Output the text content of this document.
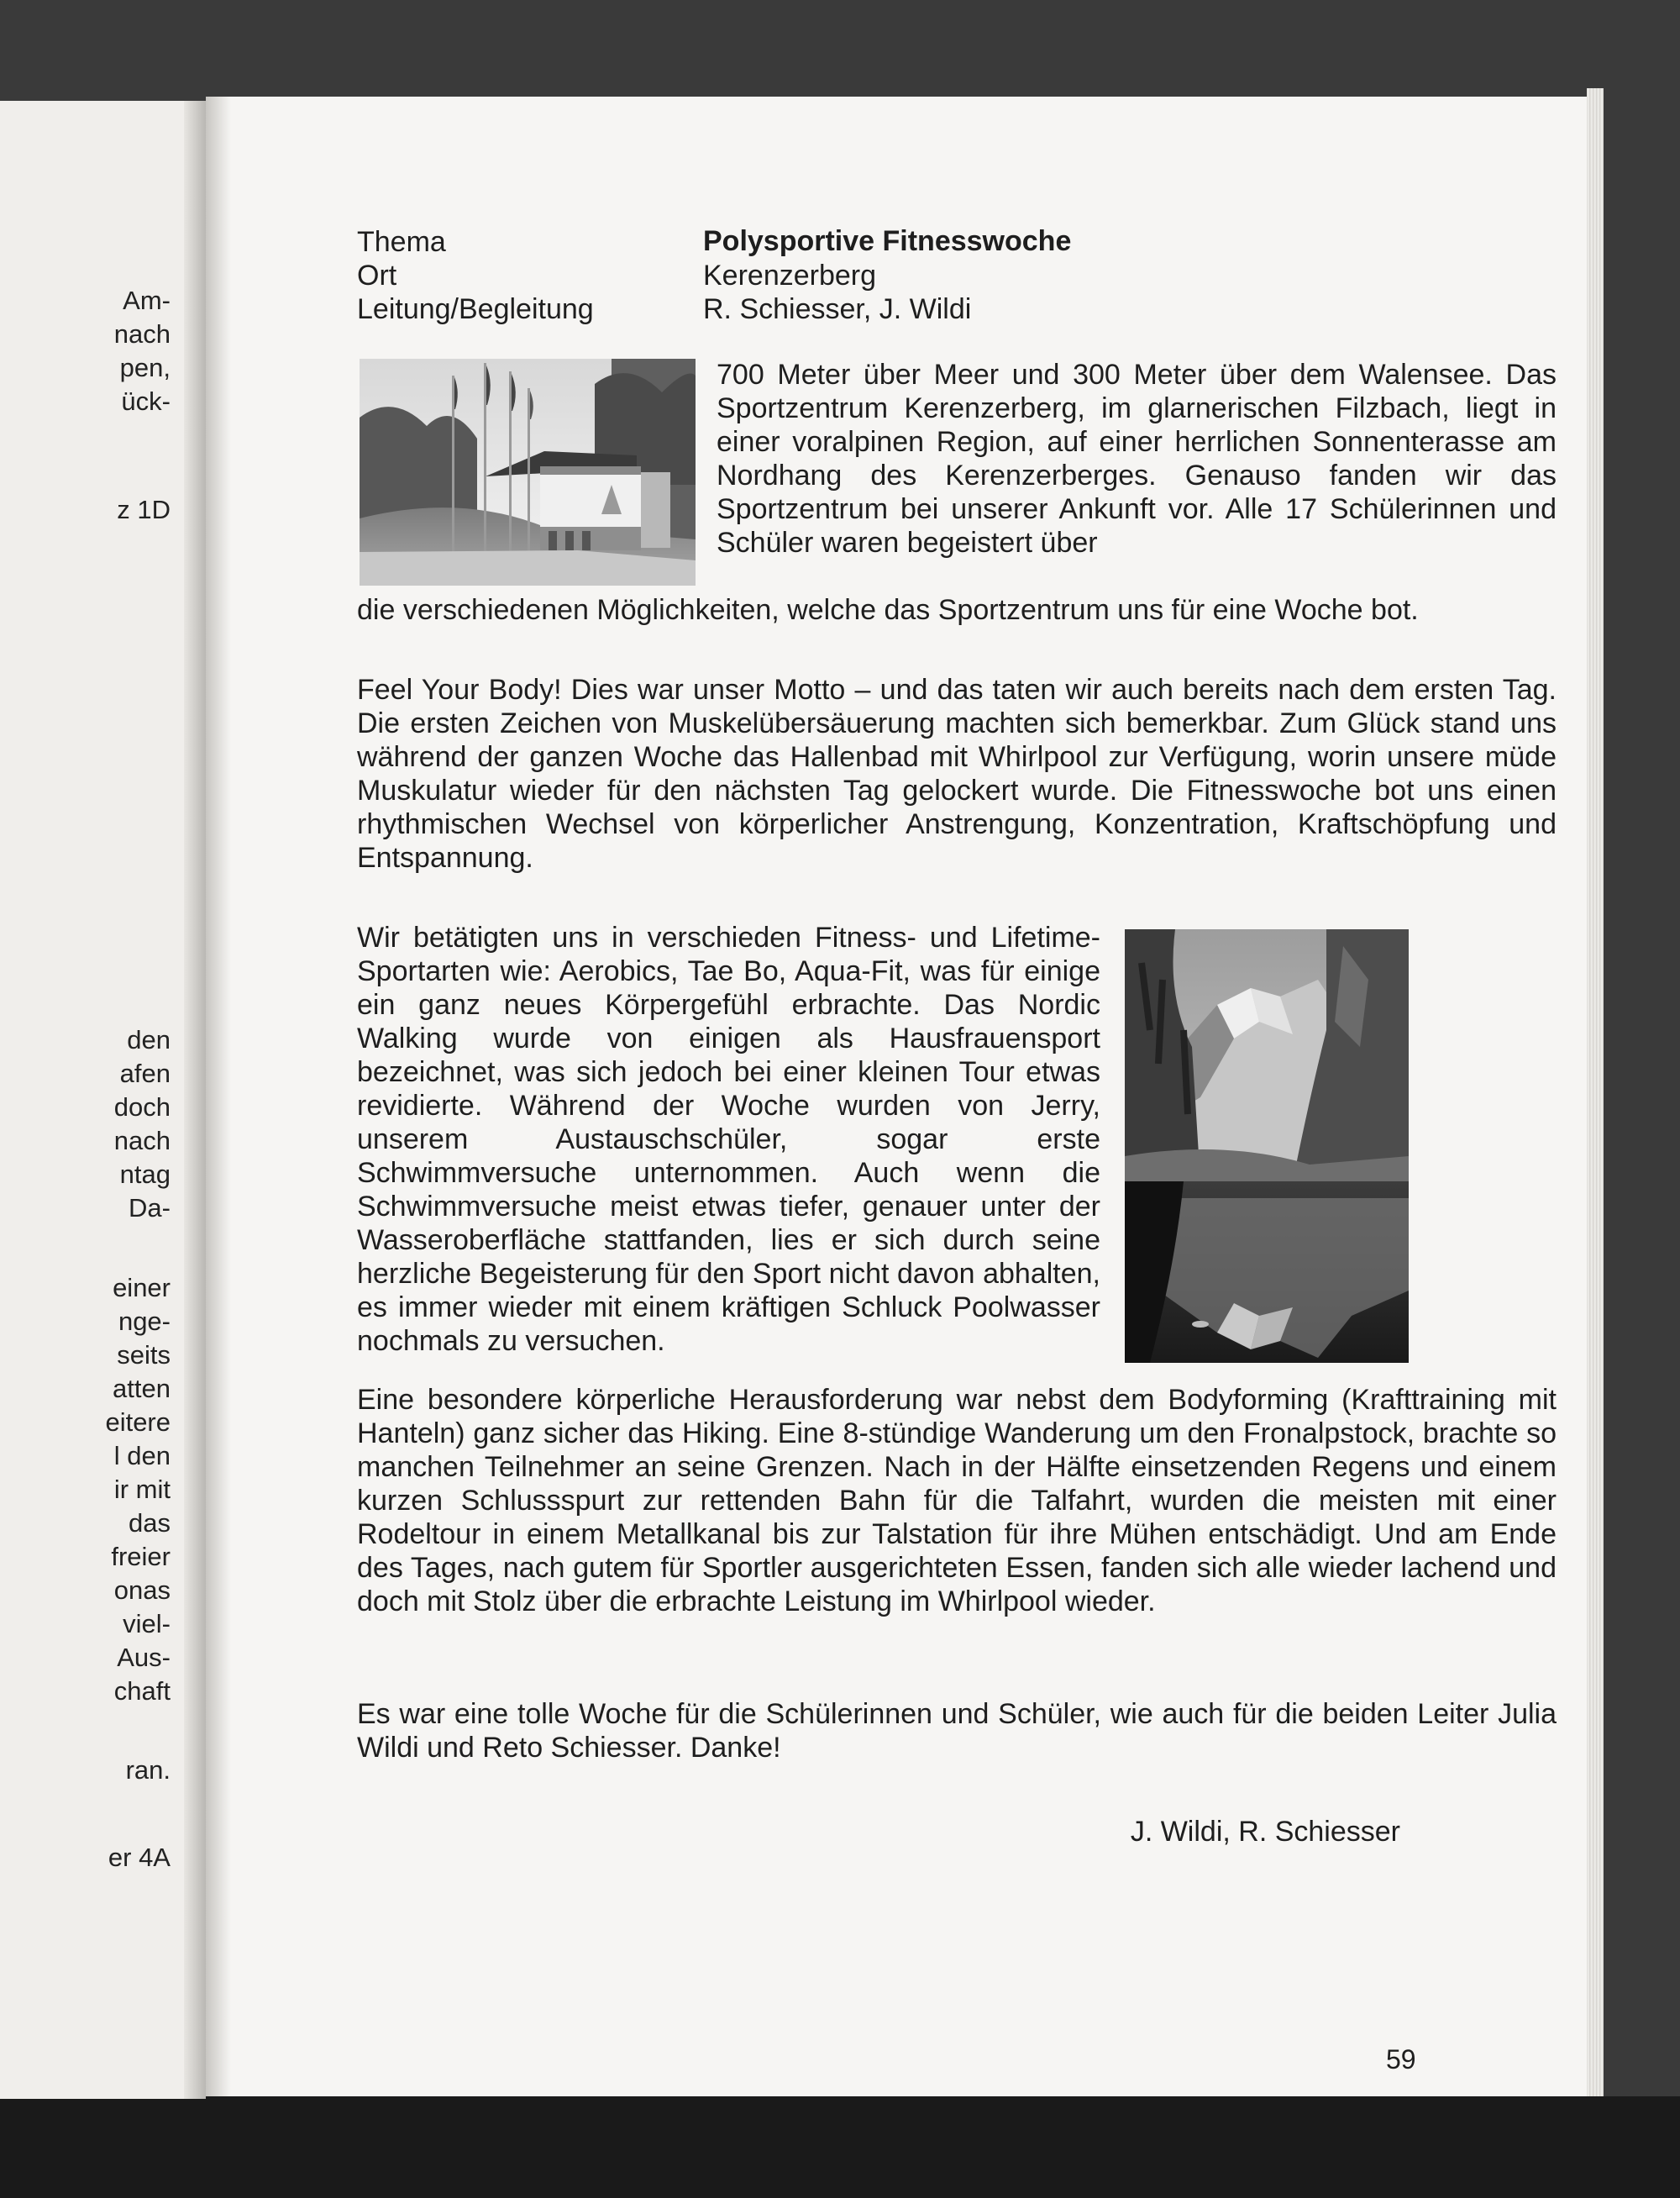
Am-
nach
pen,
ück-
z 1D
den
afen
doch
nach
ntag
Da-
einer
nge-
seits
atten
eitere
l den
ir mit
das
freier
onas
viel-
Aus-
chaft
ran.
er 4A
Thema	Polysportive Fitnesswoche
Ort	Kerenzerberg
Leitung/Begleitung	R. Schiesser, J. Wildi

700 Meter über Meer und 300 Meter über dem Walensee. Das Sportzentrum Kerenzerberg, im glarnerischen Filzbach, liegt in einer voralpinen Region, auf einer herrlichen Sonnenterasse am Nordhang des Kerenzerberges. Genauso fanden wir das Sportzentrum bei unserer Ankunft vor. Alle 17 Schülerinnen und Schüler waren begeistert über

die verschiedenen Möglichkeiten, welche das Sportzentrum uns für eine Woche bot.

Feel Your Body! Dies war unser Motto – und das taten wir auch bereits nach dem ersten Tag. Die ersten Zeichen von Muskelübersäuerung machten sich bemerkbar. Zum Glück stand uns während der ganzen Woche das Hallenbad mit Whirlpool zur Verfügung, worin unsere müde Muskulatur wieder für den nächsten Tag gelockert wurde. Die Fitnesswoche bot uns einen rhythmischen Wechsel von körperlicher Anstrengung, Konzentration, Kraftschöpfung und Entspannung.

Wir betätigten uns in verschieden Fitness- und Lifetime-Sportarten wie: Aerobics, Tae Bo, Aqua-Fit, was für einige ein ganz neues Körpergefühl erbrachte. Das Nordic Walking wurde von einigen als Hausfrauensport bezeichnet, was sich jedoch bei einer kleinen Tour etwas revidierte. Während der Woche wurden von Jerry, unserem Austauschschüler, sogar erste Schwimmversuche unternommen. Auch wenn die Schwimmversuche meist etwas tiefer, genauer unter der Wasseroberfläche stattfanden, lies er sich durch seine herzliche Begeisterung für den Sport nicht davon abhalten, es immer wieder mit einem kräftigen Schluck Poolwasser nochmals zu versuchen.

Eine besondere körperliche Herausforderung war nebst dem Bodyforming (Krafttraining mit Hanteln) ganz sicher das Hiking. Eine 8-stündige Wanderung um den Fronalpstock, brachte so manchen Teilnehmer an seine Grenzen. Nach in der Hälfte einsetzenden Regens und einem kurzen Schlussspurt zur rettenden Bahn für die Talfahrt, wurden die meisten mit einer Rodeltour in einem Metallkanal bis zur Talstation für ihre Mühen entschädigt. Und am Ende des Tages, nach gutem für Sportler ausgerichteten Essen, fanden sich alle wieder lachend und doch mit Stolz über die erbrachte Leistung im Whirlpool wieder.

Es war eine tolle Woche für die Schülerinnen und Schüler, wie auch für die beiden Leiter Julia Wildi und Reto Schiesser. Danke!

J. Wildi, R. Schiesser
59
